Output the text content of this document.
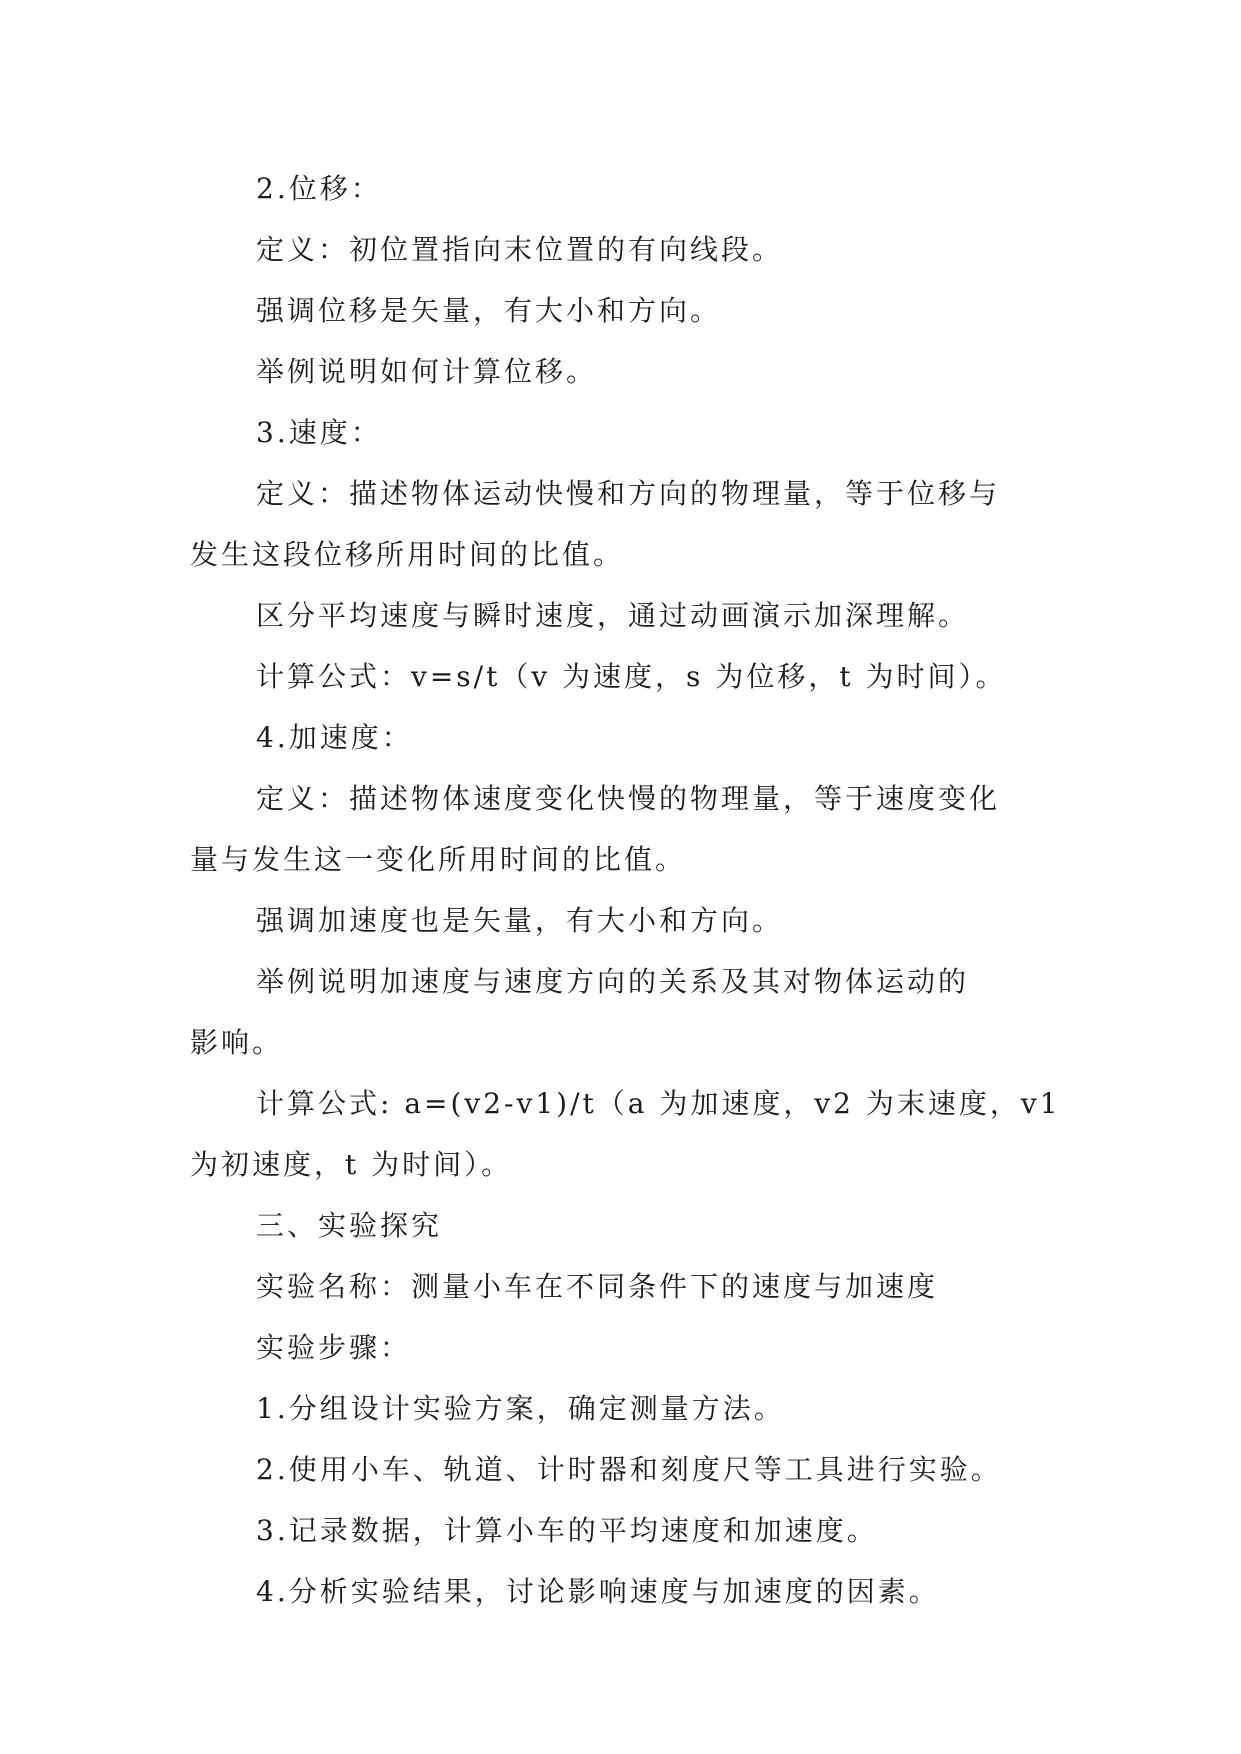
2.位移：

定义：初位置指向末位置的有向线段。

强调位移是矢量，有大小和方向。

举例说明如何计算位移。

3.速度：

定义：描述物体运动快慢和方向的物理量，等于位移与

发生这段位移所用时间的比值。

区分平均速度与瞬时速度，通过动画演示加深理解。

计算公式：v=s/t（v 为速度，s 为位移，t 为时间）。

4.加速度：

定义：描述物体速度变化快慢的物理量，等于速度变化

量与发生这一变化所用时间的比值。

强调加速度也是矢量，有大小和方向。

举例说明加速度与速度方向的关系及其对物体运动的

影响。

计算公式: a=(v2-v1)/t（a 为加速度，v2 为末速度，v1

为初速度，t 为时间）。

三、实验探究

实验名称：测量小车在不同条件下的速度与加速度

实验步骤：

1.分组设计实验方案，确定测量方法。

2.使用小车、轨道、计时器和刻度尺等工具进行实验。

3.记录数据，计算小车的平均速度和加速度。

4.分析实验结果，讨论影响速度与加速度的因素。
